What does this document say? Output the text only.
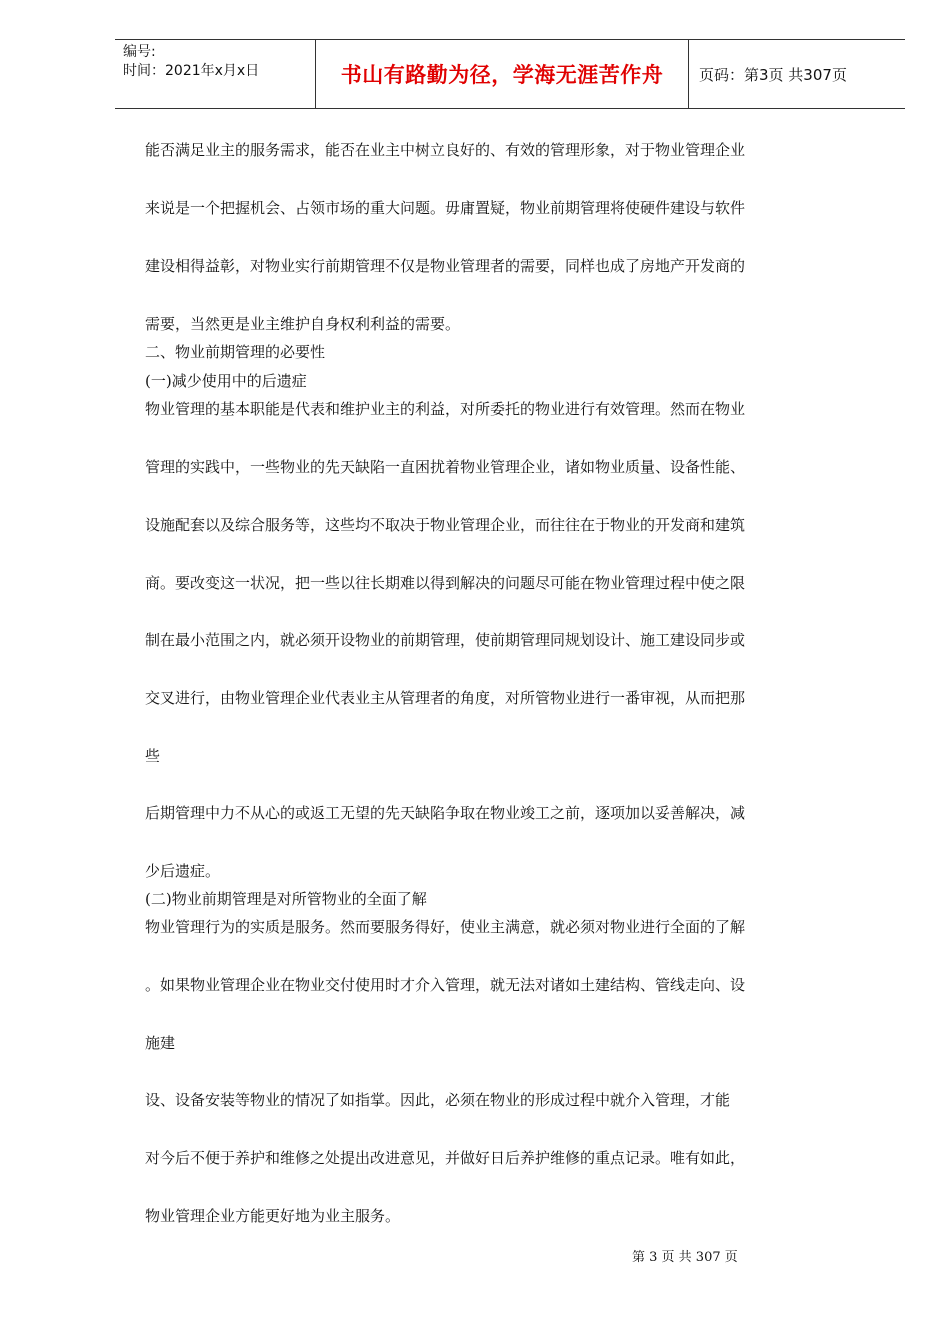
编号:
时间：2021年x月x日	书山有路勤为径，学海无涯苦作舟 页码：第3页 共307页
能否满足业主的服务需求，能否在业主中树立良好的、有效的管理形象，对于物业管理企业
来说是一个把握机会、占领市场的重大问题。毋庸置疑，物业前期管理将使硬件建设与软件
建设相得益彰，对物业实行前期管理不仅是物业管理者的需要，同样也成了房地产开发商的
需要，当然更是业主维护自身权利利益的需要。
二、物业前期管理的必要性
(一)减少使用中的后遗症
物业管理的基本职能是代表和维护业主的利益，对所委托的物业进行有效管理。然而在物业
管理的实践中，一些物业的先天缺陷一直困扰着物业管理企业，诸如物业质量、设备性能、
设施配套以及综合服务等，这些均不取决于物业管理企业，而往往在于物业的开发商和建筑
商。要改变这一状况，把一些以往长期难以得到解决的问题尽可能在物业管理过程中使之限
制在最小范围之内，就必须开设物业的前期管理，使前期管理同规划设计、施工建设同步或
交叉进行，由物业管理企业代表业主从管理者的角度，对所管物业进行一番审视，从而把那
些
后期管理中力不从心的或返工无望的先天缺陷争取在物业竣工之前，逐项加以妥善解决，减
少后遗症。
(二)物业前期管理是对所管物业的全面了解
物业管理行为的实质是服务。然而要服务得好，使业主满意，就必须对物业进行全面的了解
。如果物业管理企业在物业交付使用时才介入管理，就无法对诸如土建结构、管线走向、设
施建
设、设备安装等物业的情况了如指掌。因此，必须在物业的形成过程中就介入管理，才能
对今后不便于养护和维修之处提出改进意见，并做好日后养护维修的重点记录。唯有如此，
物业管理企业方能更好地为业主服务。
第 3 页 共 307 页
